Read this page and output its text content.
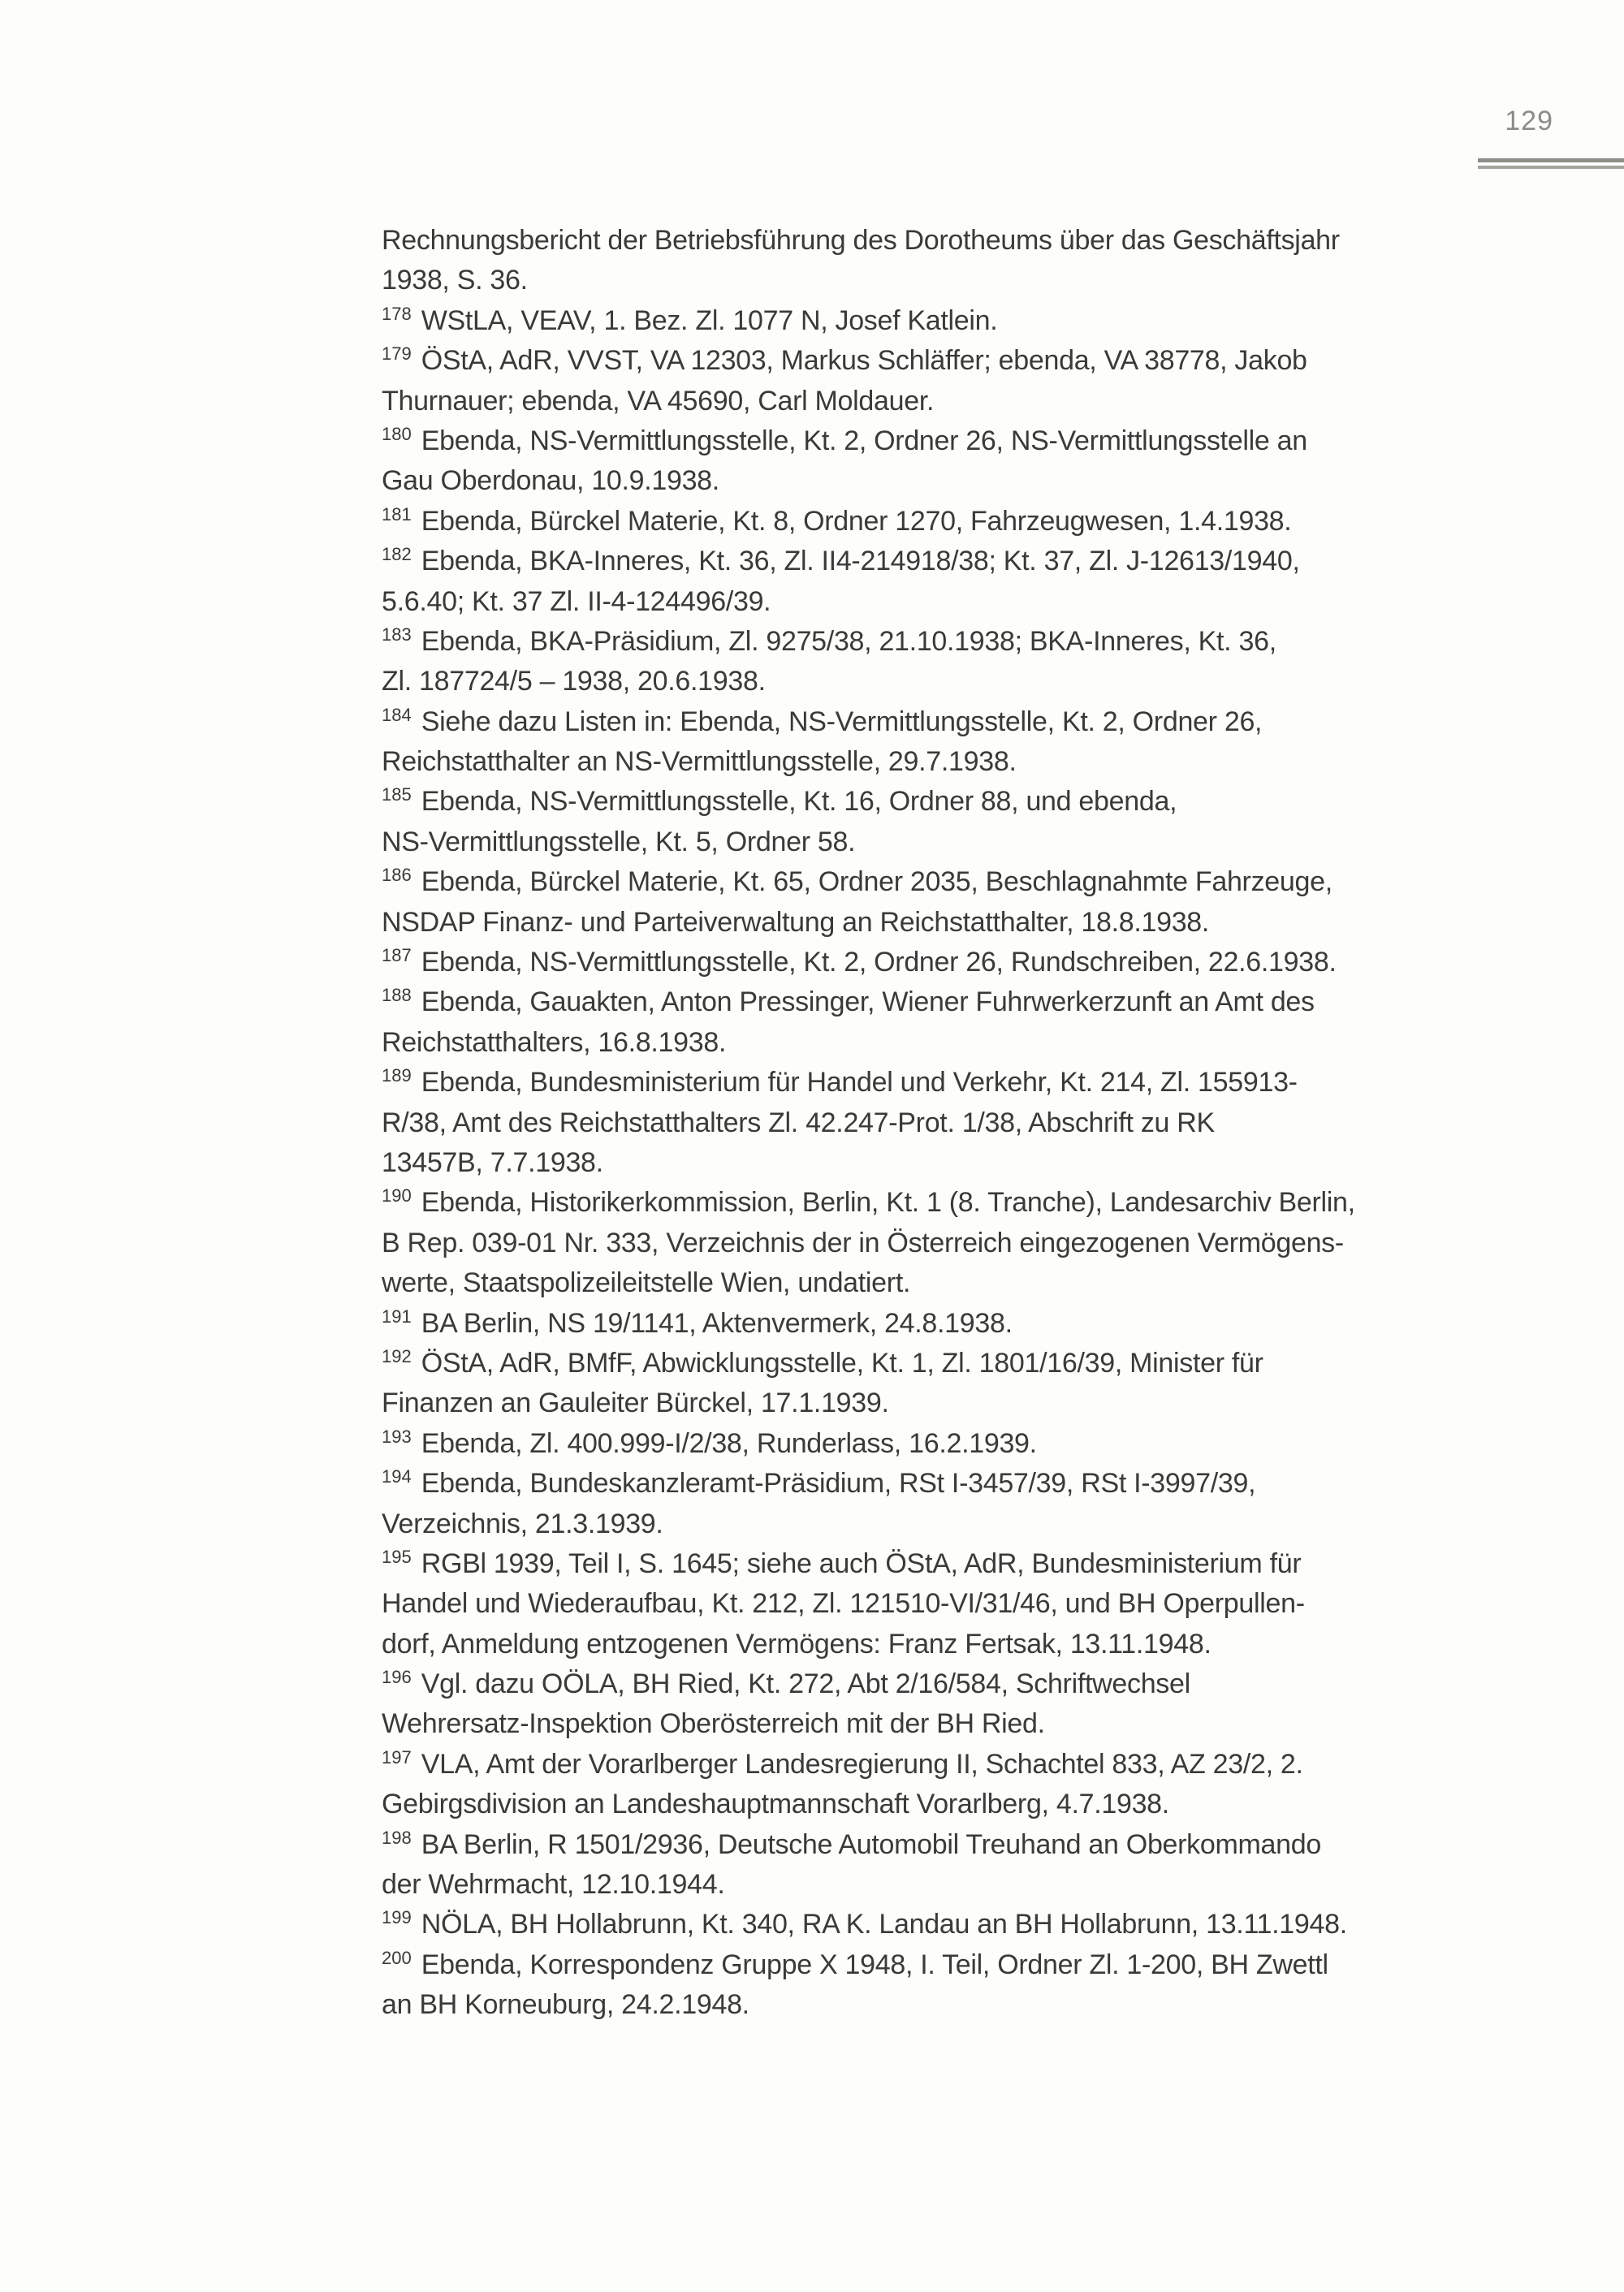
129
Rechnungsbericht der Betriebsführung des Dorotheums über das Geschäftsjahr
1938, S. 36.
$^{178}$ WStLA, VEAV, 1. Bez. Zl. 1077 N, Josef Katlein.
$^{179}$ ÖStA, AdR, VVST, VA 12303, Markus Schläffer; ebenda, VA 38778, Jakob
Thurnauer; ebenda, VA 45690, Carl Moldauer.
$^{180}$ Ebenda, NS-Vermittlungsstelle, Kt. 2, Ordner 26, NS-Vermittlungsstelle an
Gau Oberdonau, 10.9.1938.
$^{181}$ Ebenda, Bürckel Materie, Kt. 8, Ordner 1270, Fahrzeugwesen, 1.4.1938.
$^{182}$ Ebenda, BKA-Inneres, Kt. 36, Zl. II4-214918/38; Kt. 37, Zl. J-12613/1940,
5.6.40; Kt. 37 Zl. II-4-124496/39.
$^{183}$ Ebenda, BKA-Präsidium, Zl. 9275/38, 21.10.1938; BKA-Inneres, Kt. 36,
Zl. 187724/5 – 1938, 20.6.1938.
$^{184}$ Siehe dazu Listen in: Ebenda, NS-Vermittlungsstelle, Kt. 2, Ordner 26,
Reichstatthalter an NS-Vermittlungsstelle, 29.7.1938.
$^{185}$ Ebenda, NS-Vermittlungsstelle, Kt. 16, Ordner 88, und ebenda,
NS-Vermittlungsstelle, Kt. 5, Ordner 58.
$^{186}$ Ebenda, Bürckel Materie, Kt. 65, Ordner 2035, Beschlagnahmte Fahrzeuge,
NSDAP Finanz- und Parteiverwaltung an Reichstatthalter, 18.8.1938.
$^{187}$ Ebenda, NS-Vermittlungsstelle, Kt. 2, Ordner 26, Rundschreiben, 22.6.1938.
$^{188}$ Ebenda, Gauakten, Anton Pressinger, Wiener Fuhrwerkerzunft an Amt des
Reichstatthalters, 16.8.1938.
$^{189}$ Ebenda, Bundesministerium für Handel und Verkehr, Kt. 214, Zl. 155913-
R/38, Amt des Reichstatthalters Zl. 42.247-Prot. 1/38, Abschrift zu RK
13457B, 7.7.1938.
$^{190}$ Ebenda, Historikerkommission, Berlin, Kt. 1 (8. Tranche), Landesarchiv Berlin,
B Rep. 039-01 Nr. 333, Verzeichnis der in Österreich eingezogenen Vermögens-
werte, Staatspolizeileitstelle Wien, undatiert.
$^{191}$ BA Berlin, NS 19/1141, Aktenvermerk, 24.8.1938.
$^{192}$ ÖStA, AdR, BMfF, Abwicklungsstelle, Kt. 1, Zl. 1801/16/39, Minister für
Finanzen an Gauleiter Bürckel, 17.1.1939.
$^{193}$ Ebenda, Zl. 400.999-I/2/38, Runderlass, 16.2.1939.
$^{194}$ Ebenda, Bundeskanzleramt-Präsidium, RSt I-3457/39, RSt I-3997/39,
Verzeichnis, 21.3.1939.
$^{195}$ RGBl 1939, Teil I, S. 1645; siehe auch ÖStA, AdR, Bundesministerium für
Handel und Wiederaufbau, Kt. 212, Zl. 121510-VI/31/46, und BH Operpullen-
dorf, Anmeldung entzogenen Vermögens: Franz Fertsak, 13.11.1948.
$^{196}$ Vgl. dazu OÖLA, BH Ried, Kt. 272, Abt 2/16/584, Schriftwechsel
Wehrersatz-Inspektion Oberösterreich mit der BH Ried.
$^{197}$ VLA, Amt der Vorarlberger Landesregierung II, Schachtel 833, AZ 23/2, 2.
Gebirgsdivision an Landeshauptmannschaft Vorarlberg, 4.7.1938.
$^{198}$ BA Berlin, R 1501/2936, Deutsche Automobil Treuhand an Oberkommando
der Wehrmacht, 12.10.1944.
$^{199}$ NÖLA, BH Hollabrunn, Kt. 340, RA K. Landau an BH Hollabrunn, 13.11.1948.
$^{200}$ Ebenda, Korrespondenz Gruppe X 1948, I. Teil, Ordner Zl. 1-200, BH Zwettl
an BH Korneuburg, 24.2.1948.
